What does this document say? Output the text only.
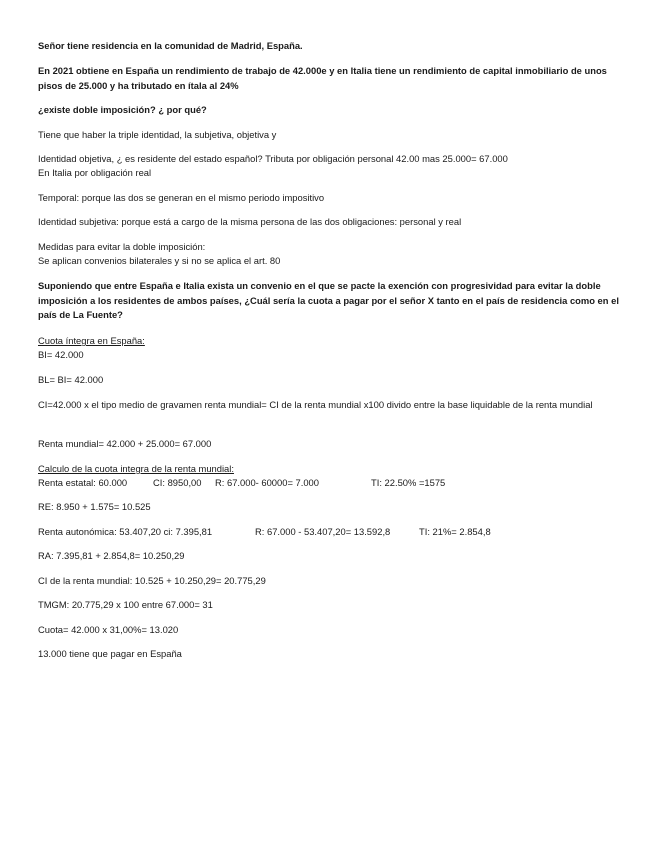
Señor tiene residencia en la comunidad de Madrid, España.
En 2021 obtiene en España un rendimiento de trabajo de 42.000e y en Italia tiene un rendimiento de capital inmobiliario de unos pisos de 25.000 y ha tributado en ítala al 24%
¿existe doble imposición? ¿ por qué?
Tiene que haber la triple identidad, la subjetiva, objetiva y
Identidad objetiva, ¿ es residente del estado español? Tributa por obligación personal 42.00 mas 25.000= 67.000
En Italia por obligación real
Temporal: porque las dos se generan en el mismo periodo impositivo
Identidad subjetiva: porque está a cargo de la misma persona de las dos obligaciones: personal y real
Medidas para evitar la doble imposición:
Se aplican convenios bilaterales y si no se aplica el art. 80
Suponiendo que entre España e Italia exista un convenio en el que se pacte la exención con progresividad para evitar la doble imposición a los residentes de ambos países, ¿Cuál sería la cuota a pagar por el señor X tanto en el país de residencia como en el país de La Fuente?
Cuota íntegra en España:
BI= 42.000
BL= BI= 42.000
CI=42.000 x el tipo medio de gravamen renta mundial= CI de la renta mundial x100 divido entre la base liquidable de la renta mundial
Renta mundial= 42.000 + 25.000= 67.000
Calculo de la cuota integra de la renta mundial:
Renta estatal: 60.000	CI: 8950,00 R: 67.000- 60000= 7.000	TI: 22.50% =1575
RE: 8.950 + 1.575= 10.525
Renta autonómica: 53.407,20 ci: 7.395,81	R: 67.000 - 53.407,20= 13.592,8	TI: 21%= 2.854,8
RA: 7.395,81 + 2.854,8= 10.250,29
CI de la renta mundial: 10.525 + 10.250,29= 20.775,29
TMGM: 20.775,29 x 100 entre 67.000= 31
Cuota= 42.000 x 31,00%= 13.020
13.000 tiene que pagar en España
